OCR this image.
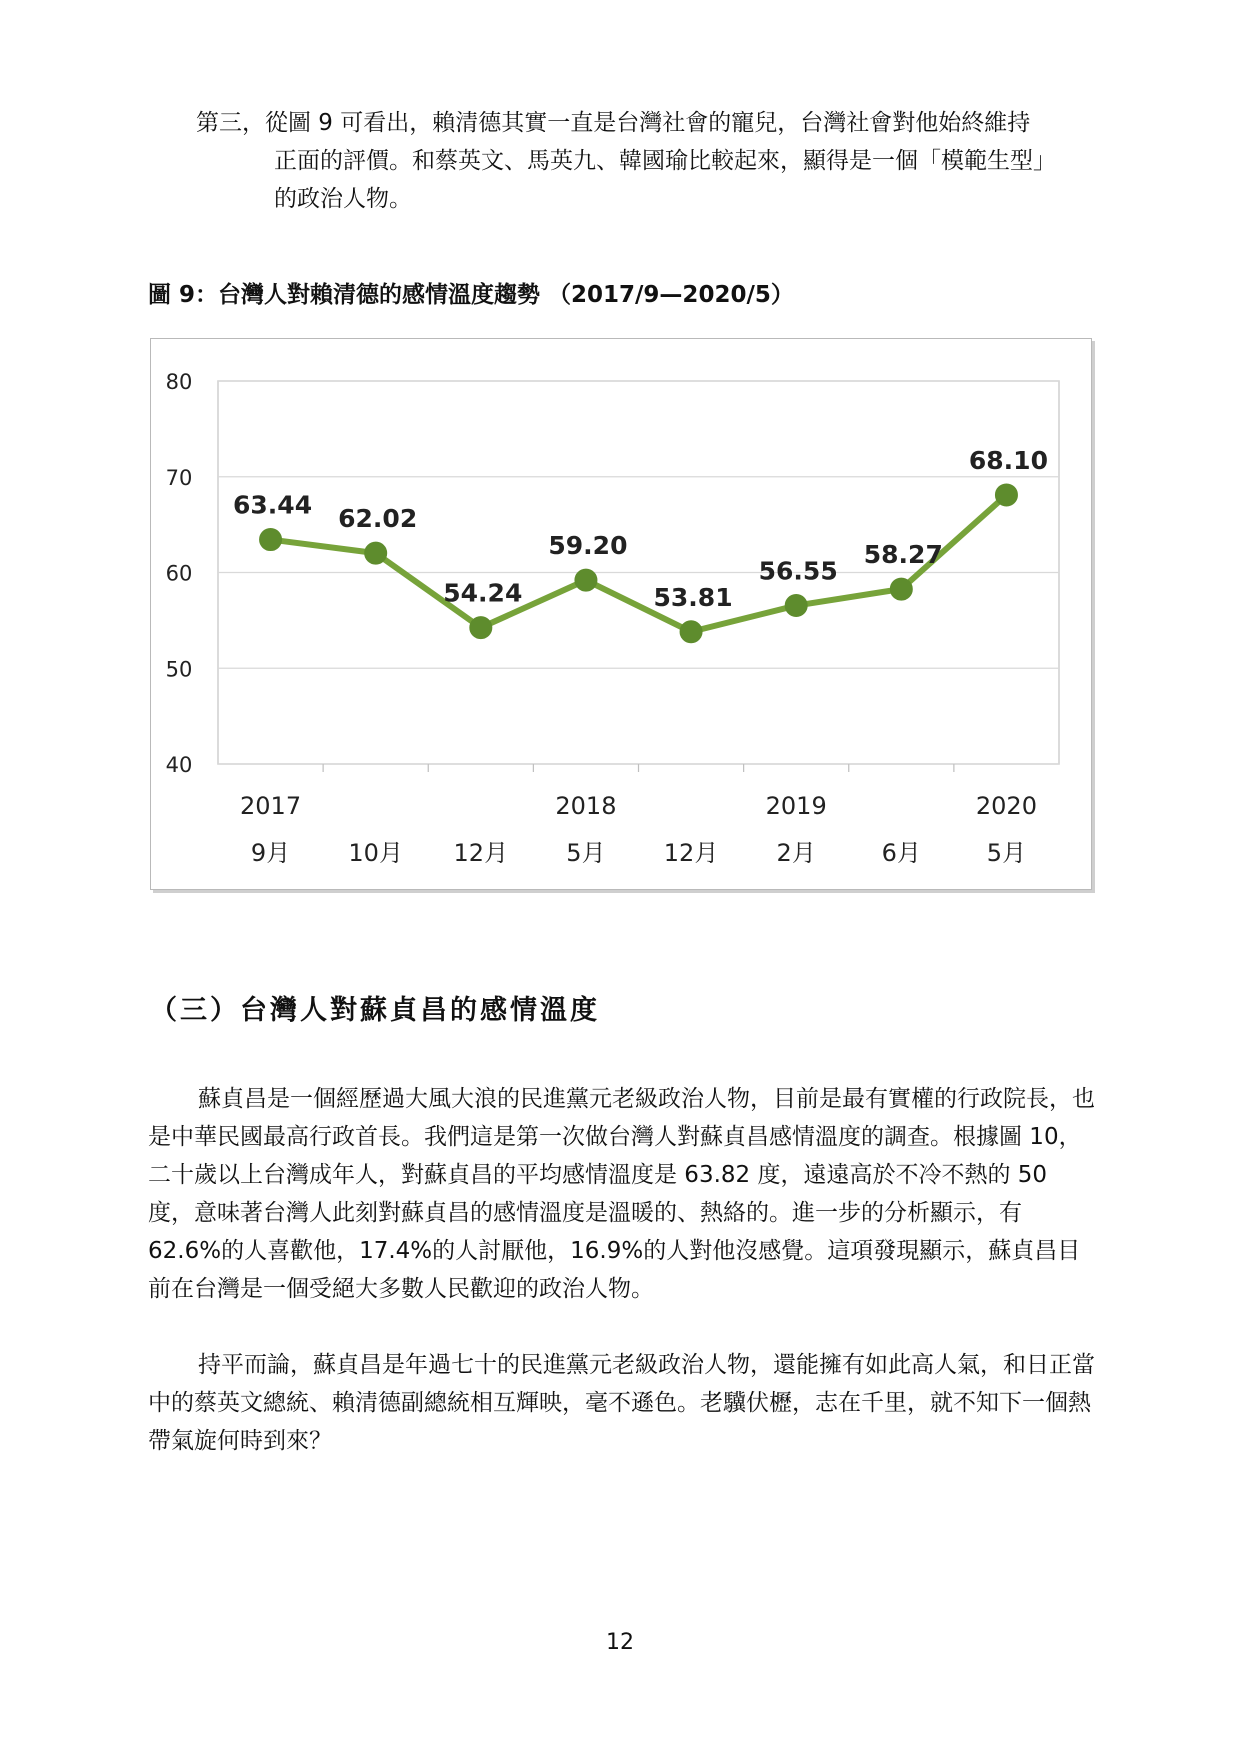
第三，從圖 9 可看出，賴清德其實一直是台灣社會的寵兒，台灣社會對他始終維持
正面的評價。和蔡英文、馬英九、韓國瑜比較起來，顯得是一個「模範生型」
的政治人物。

圖 9：台灣人對賴清德的感情溫度趨勢 （2017/9—2020/5）
40
50
60
70
80
2017	2018	2019	2020
9月 10月 12月 5月 12月 2月	6月	5月
63.44 62.02
54.24
59.20
53.81
56.55
58.27
68.10
（三）台灣人對蘇貞昌的感情溫度

蘇貞昌是一個經歷過大風大浪的民進黨元老級政治人物，目前是最有實權的行政院長，也是中華民國最高行政首長。我們這是第一次做台灣人對蘇貞昌感情溫度的調查。根據圖 10，二十歲以上台灣成年人，對蘇貞昌的平均感情溫度是 63.82 度，遠遠高於不冷不熱的 50 度，意味著台灣人此刻對蘇貞昌的感情溫度是溫暖的、熱絡的。進一步的分析顯示，有 62.6%的人喜歡他，17.4%的人討厭他，16.9%的人對他沒感覺。這項發現顯示，蘇貞昌目前在台灣是一個受絕大多數人民歡迎的政治人物。

持平而論，蘇貞昌是年過七十的民進黨元老級政治人物，還能擁有如此高人氣，和日正當中的蔡英文總統、賴清德副總統相互輝映，毫不遜色。老驥伏櫪，志在千里，就不知下一個熱帶氣旋何時到來？

12
